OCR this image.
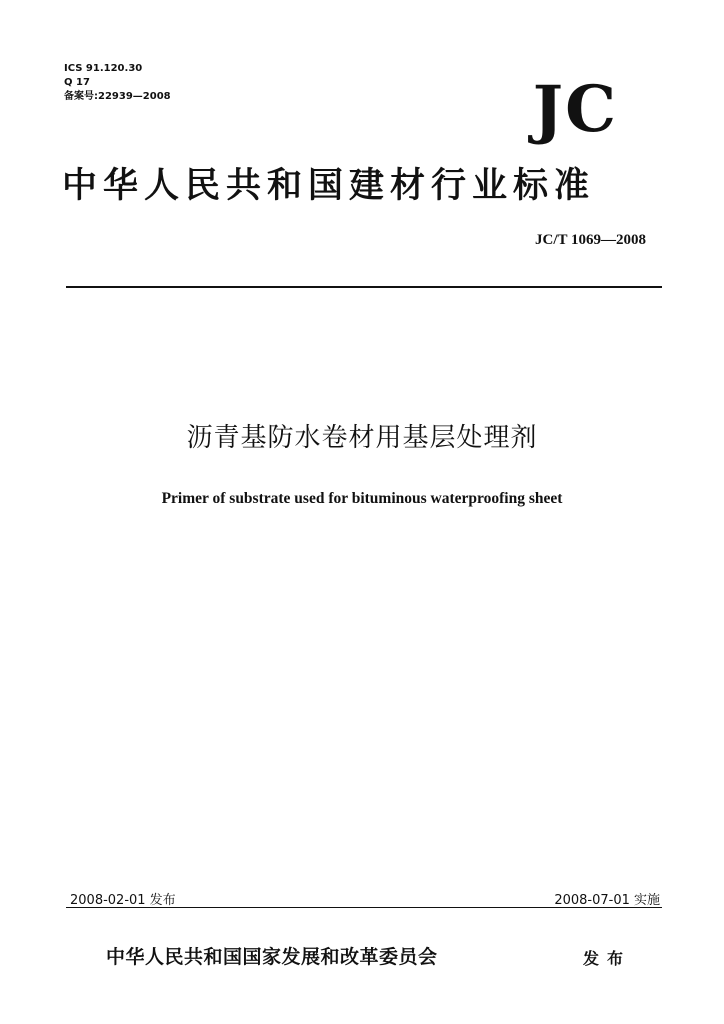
ICS 91.120.30
Q 17
备案号:22939—2008	JC
中华人民共和国建材行业标准
JC/T 1069—2008
沥青基防水卷材用基层处理剂
Primer of substrate used for bituminous waterproofing sheet
2008-02-01 发布	2008-07-01 实施
中华人民共和国国家发展和改革委员会	发布
